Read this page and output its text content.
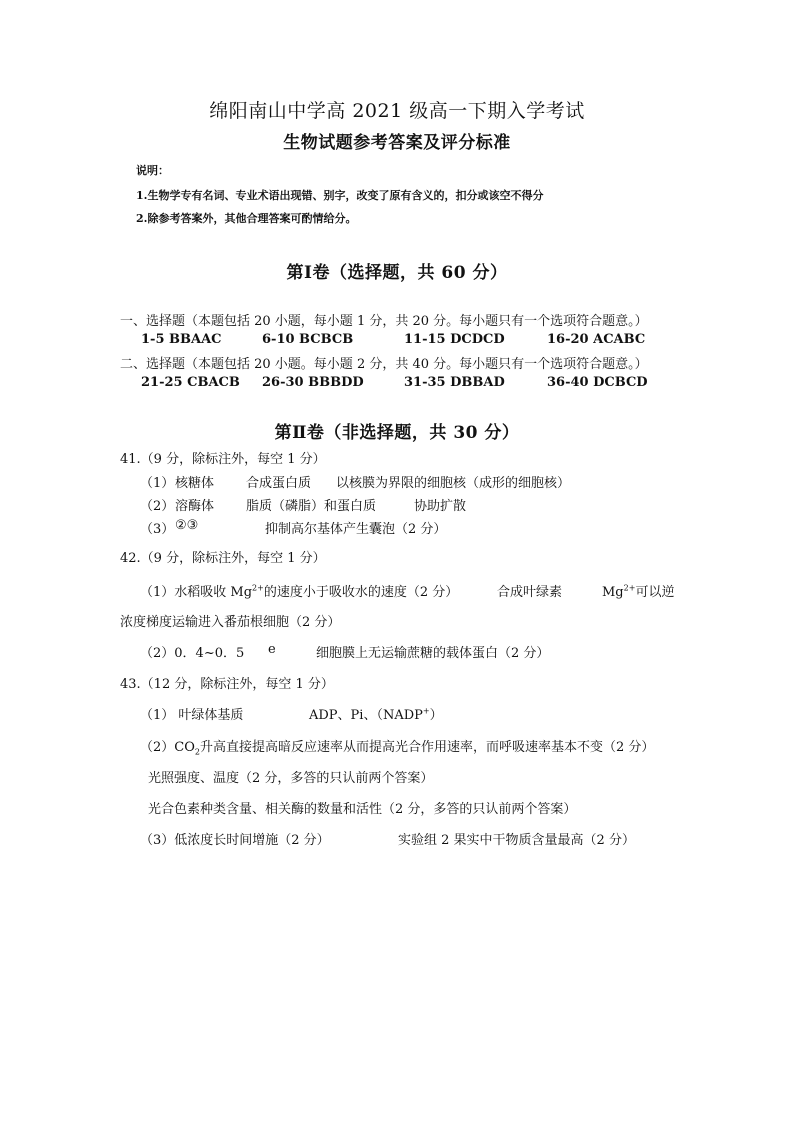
绵阳南山中学高 2021 级高一下期入学考试
生物试题参考答案及评分标准
说明：
1.生物学专有名词、专业术语出现错、别字，改变了原有含义的，扣分或该空不得分
2.除参考答案外，其他合理答案可酌情给分。
第Ⅰ卷（选择题，共 60 分）
一、选择题（本题包括 20 小题，每小题 1 分，共 20 分。每小题只有一个选项符合题意。）
1-5 BBAAC	6-10 BCBCB	11-15 DCDCD	16-20 ACABC
二、选择题（本题包括 20 小题。每小题 2 分，共 40 分。每小题只有一个选项符合题意。）
21-25 CBACB 26-30 BBBDD	31-35 DBBAD	36-40 DCBCD
第Ⅱ卷（非选择题，共 30 分）
41.（9 分，除标注外，每空 1 分）
（1） 核糖体 合成蛋白质 以核膜为界限的细胞核（成形的细胞核）
（2） 溶酶体 脂质（磷脂）和蛋白质	协助扩散
（3） ②③	抑制高尔基体产生囊泡（2 分）
42.（9 分，除标注外，每空 1 分）
（1）水稻吸收 $Mg^{2+}$的速度小于吸收水的速度（2 分）	合成叶绿素	$Mg^{2+}$可以逆
浓度梯度运输进入番茄根细胞（2 分）
（2）0．4~0．5 e	细胞膜上无运输蔗糖的载体蛋白（2 分）
43.（12 分，除标注外，每空 1 分）
（1） 叶绿体基质	ADP、Pi、（NADP+）
$(2)CO_2$升高直接提高暗反应速率从而提高光合作用速率，而呼吸速率基本不变（2 分）
光照强度、温度（2 分，多答的只认前两个答案）
光合色素种类含量、相关酶的数量和活性（2 分，多答的只认前两个答案）
（3）低浓度长时间增施（2 分）	实验组 2 果实中干物质含量最高（2 分）
